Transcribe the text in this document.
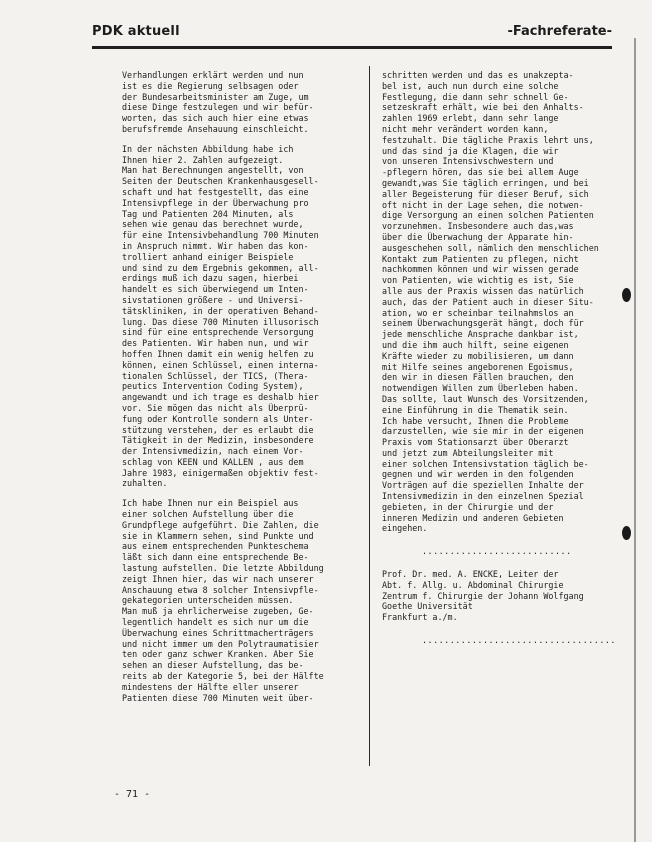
PDK aktuell	-Fachreferate-

Verhandlungen erklärt werden und nun
ist es die Regierung selbsagen oder
der Bundesarbeitsminister am Zuge, um
diese Dinge festzulegen und wir befür-
worten, das sich auch hier eine etwas
berufsfremde Ansehauung einschleicht.

In der nächsten Abbildung habe ich
Ihnen hier 2. Zahlen aufgezeigt.
Man hat Berechnungen angestellt, von
Seiten der Deutschen Krankenhausgesell-
schaft und hat festgestellt, das eine
Intensivpflege in der Überwachung pro
Tag und Patienten 204 Minuten, als
sehen wie genau das berechnet wurde,
für eine Intensivbehandlung 700 Minuten
in Anspruch nimmt. Wir haben das kon-
trolliert anhand einiger Beispiele
und sind zu dem Ergebnis gekommen, all-
erdings muß ich dazu sagen, hierbei
handelt es sich überwiegend um Inten-
sivstationen größere - und Universi-
tätskliniken, in der operativen Behand-
lung. Das diese 700 Minuten illusorisch
sind für eine entsprechende Versorgung
des Patienten. Wir haben nun, und wir
hoffen Ihnen damit ein wenig helfen zu
können, einen Schlüssel, einen interna-
tionalen Schlüssel, der TICS, (Thera-
peutics Intervention Coding System),
angewandt und ich trage es deshalb hier
vor. Sie mögen das nicht als Überprü-
fung oder Kontrolle sondern als Unter-
stützung verstehen, der es erlaubt die
Tätigkeit in der Medizin, insbesondere
der Intensivmedizin, nach einem Vor-
schlag von KEEN und KALLEN , aus dem
Jahre 1983, einigermaßen objektiv fest-
zuhalten.

Ich habe Ihnen nur ein Beispiel aus
einer solchen Aufstellung über die
Grundpflege aufgeführt. Die Zahlen, die
sie in Klammern sehen, sind Punkte und
aus einem entsprechenden Punkteschema
läßt sich dann eine entsprechende Be-
lastung aufstellen. Die letzte Abbildung
zeigt Ihnen hier, das wir nach unserer
Anschauung etwa 8 solcher Intensivpfle-
gekategorien unterscheiden müssen.
Man muß ja ehrlicherweise zugeben, Ge-
legentlich handelt es sich nur um die
Überwachung eines Schrittmacherträgers
und nicht immer um den Polytraumatisier
ten oder ganz schwer Kranken. Aber Sie
sehen an dieser Aufstellung, das be-
reits ab der Kategorie 5, bei der Hälfte
mindestens der Hälfte eller unserer
Patienten diese 700 Minuten weit über-

schritten werden und das es unakzepta-
bel ist, auch nun durch eine solche
Festlegung, die dann sehr schnell Ge-
setzeskraft erhält, wie bei den Anhalts-
zahlen 1969 erlebt, dann sehr lange
nicht mehr verändert worden kann,
festzuhalt. Die tägliche Praxis lehrt uns,
und das sind ja die Klagen, die wir
von unseren Intensivschwestern und
-pflegern hören, das sie bei allem Auge
gewandt,was Sie täglich erringen, und bei
aller Begeisterung für dieser Beruf, sich
oft nicht in der Lage sehen, die notwen-
dige Versorgung an einen solchen Patienten
vorzunehmen. Insbesondere auch das,was
über die Überwachung der Apparate hin-
ausgeschehen soll, nämlich den menschlichen
Kontakt zum Patienten zu pflegen, nicht
nachkommen können und wir wissen gerade
von Patienten, wie wichtig es ist, Sie
alle aus der Praxis wissen das natürlich
auch, das der Patient auch in dieser Situ-
ation, wo er scheinbar teilnahmslos an
seinem Überwachungsgerät hängt, doch für
jede menschliche Ansprache dankbar ist,
und die ihm auch hilft, seine eigenen
Kräfte wieder zu mobilisieren, um dann
mit Hilfe seines angeborenen Egoismus,
den wir in diesen Fällen brauchen, den
notwendigen Willen zum Überleben haben.
Das sollte, laut Wunsch des Vorsitzenden,
eine Einführung in die Thematik sein.
Ich habe versucht, Ihnen die Probleme
darzustellen, wie sie mir in der eigenen
Praxis vom Stationsarzt über Oberarzt
und jetzt zum Abteilungsleiter mit
einer solchen Intensivstation täglich be-
gegnen und wir werden in den folgenden
Vorträgen auf die speziellen Inhalte der
Intensivmedizin in den einzelnen Spezial
gebieten, in der Chirurgie und der
inneren Medizin und anderen Gebieten
eingehen.

...........................

Prof. Dr. med. A. ENCKE, Leiter der
Abt. f. Allg. u. Abdominal Chirurgie
Zentrum f. Chirurgie der Johann Wolfgang
Goethe Universität
Frankfurt a./m.

...................................

- 71 -
